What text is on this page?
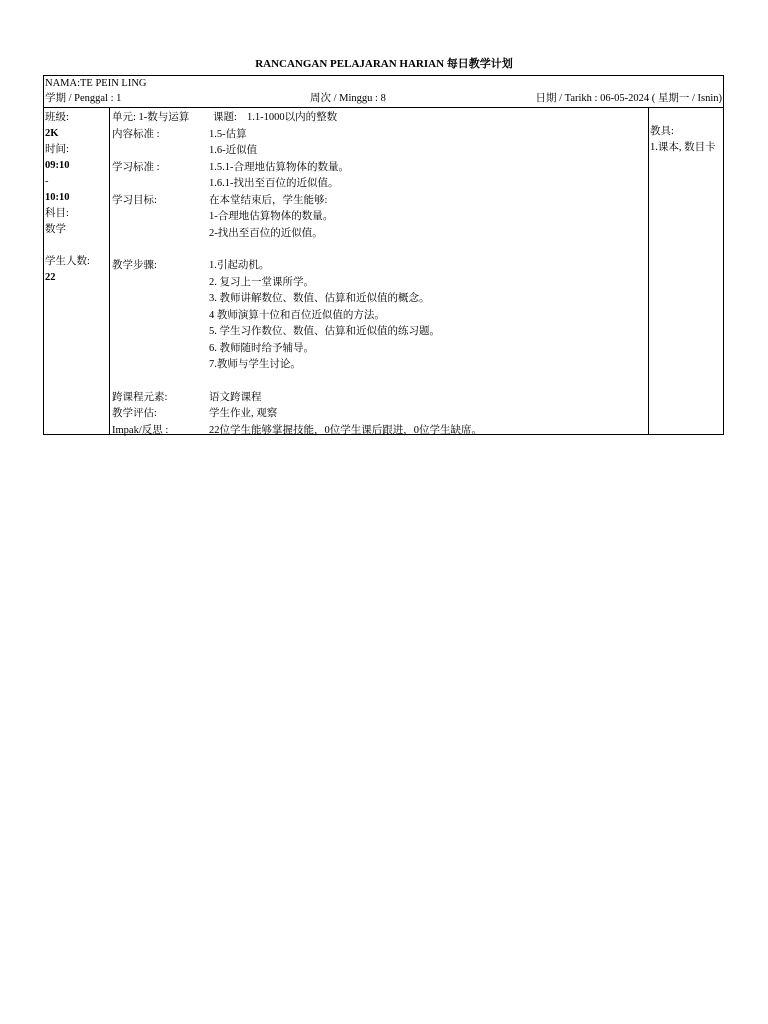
RANCANGAN PELAJARAN HARIAN 每日教学计划
NAMA:TE PEIN LING
学期 / Penggal : 1	周次 / Minggu : 8	日期 / Tarikh : 06-05-2024 ( 星期一 / Isnin)
班级:
2K
时间:
09:10
-
10:10
科目:
数学
学生人数:
22
单元: 1-数与运算 课题: 1.1-1000以内的整数
内容标准 :	1.5-估算
1.6-近似值
学习标准 :	1.5.1-合理地估算物体的数量。
1.6.1-找出至百位的近似值。
学习目标:	在本堂结束后，学生能够:
1-合理地估算物体的数量。
2-找出至百位的近似值。
教学步骤:	1.引起动机。
2. 复习上一堂课所学。
3. 教师讲解数位、数值、估算和近似值的概念。
4 教师演算十位和百位近似值的方法。
5. 学生习作数位、数值、估算和近似值的练习题。
6. 教师随时给予辅导。
7.教师与学生讨论。
跨课程元素:	语文跨课程
教学评估:	学生作业, 观察
Impak/反思 :	22位学生能够掌握技能，0位学生课后跟进，0位学生缺席。
教具:
1.课本, 数目卡
